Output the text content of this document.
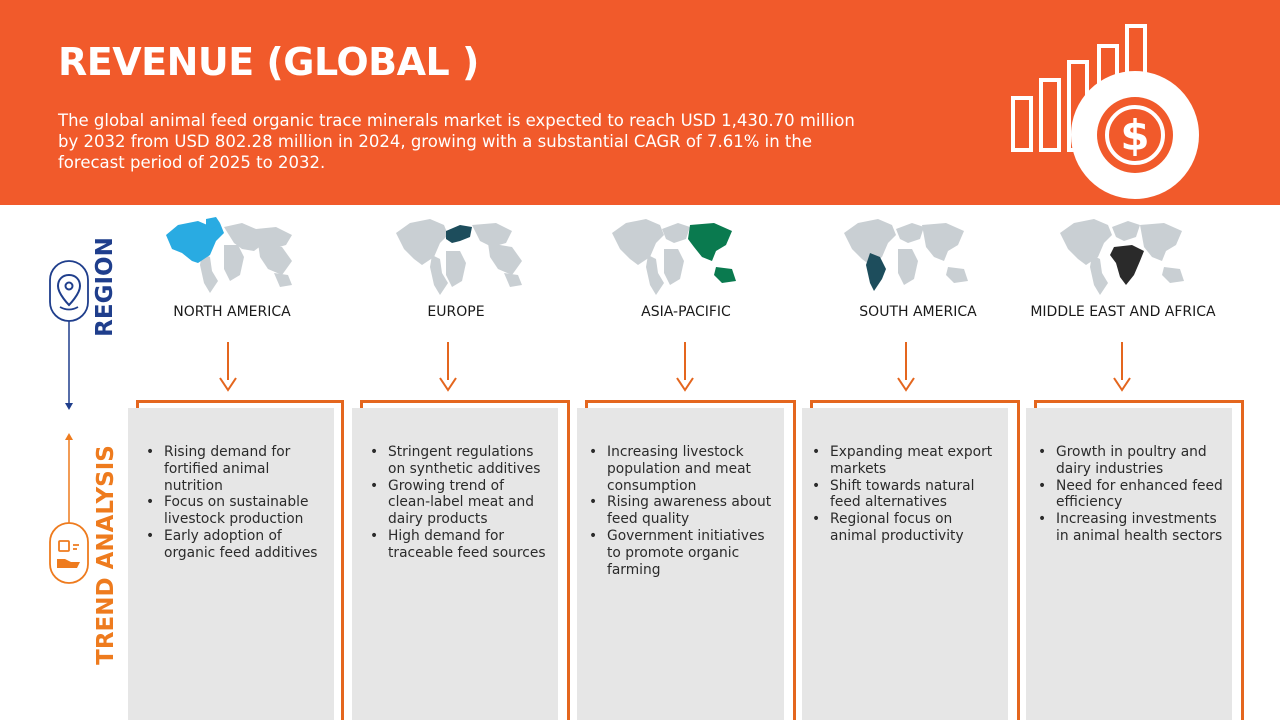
REVENUE (GLOBAL )
The global animal feed organic trace minerals market is expected to reach USD 1,430.70 million by 2032 from USD 802.28 million in 2024, growing with a substantial CAGR of 7.61% in the forecast period of 2025 to 2032.
$
REGION
TREND ANALYSIS
NORTH AMERICA	EUROPE	ASIA-PACIFIC	SOUTH AMERICA	MIDDLE EAST AND AFRICA
• Rising demand for fortified animal nutrition
• Focus on sustainable livestock production
• Early adoption of organic feed additives
• Stringent regulations on synthetic additives
• Growing trend of clean-label meat and dairy products
• High demand for traceable feed sources
• Increasing livestock population and meat consumption
• Rising awareness about feed quality
• Government initiatives to promote organic farming
• Expanding meat export markets
• Shift towards natural feed alternatives
• Regional focus on animal productivity
• Growth in poultry and dairy industries
• Need for enhanced feed efficiency
• Increasing investments in animal health sectors
